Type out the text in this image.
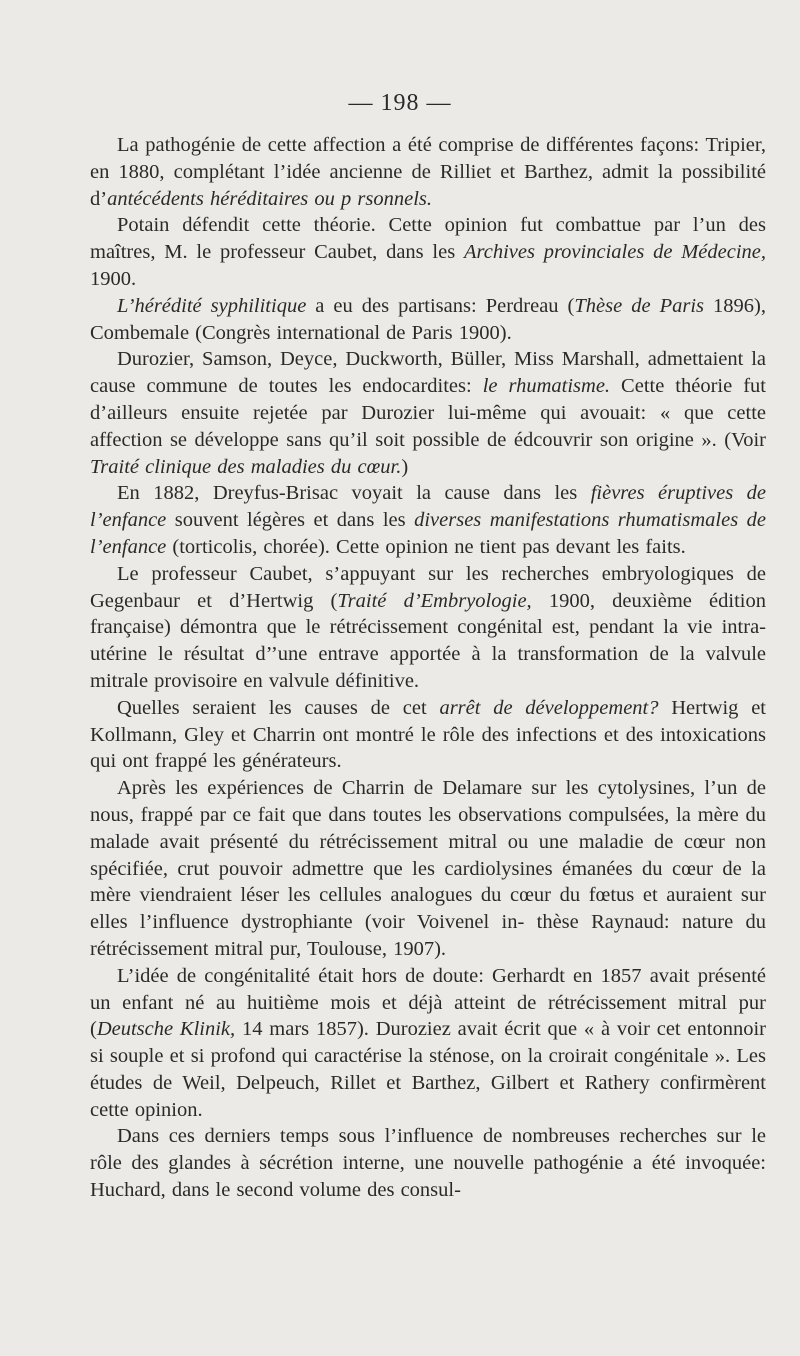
— 198 —

La pathogénie de cette affection a été comprise de différentes façons: Tripier, en 1880, complétant l’idée ancienne de Rilliet et Barthez, admit la possibilité d’antécédents héréditaires ou p rsonnels.

Potain défendit cette théorie. Cette opinion fut combattue par l’un des maîtres, M. le professeur Caubet, dans les Archives provinciales de Médecine, 1900.

L’hérédité syphilitique a eu des partisans: Perdreau (Thèse de Paris 1896), Combemale (Congrès international de Paris 1900).

Durozier, Samson, Deyce, Duckworth, Büller, Miss Marshall, admettaient la cause commune de toutes les endocardites: le rhumatisme. Cette théorie fut d’ailleurs ensuite rejetée par Durozier lui-même qui avouait: « que cette affection se développe sans qu’il soit possible de édcouvrir son origine ». (Voir Traité clinique des maladies du cœur.)

En 1882, Dreyfus-Brisac voyait la cause dans les fièvres éruptives de l’enfance souvent légères et dans les diverses manifestations rhumatismales de l’enfance (torticolis, chorée). Cette opinion ne tient pas devant les faits.

Le professeur Caubet, s’appuyant sur les recherches embryologiques de Gegenbaur et d’Hertwig (Traité d’Embryologie, 1900, deuxième édition française) démontra que le rétrécissement congénital est, pendant la vie intra-utérine le résultat d’’une entrave apportée à la transformation de la valvule mitrale provisoire en valvule définitive.

Quelles seraient les causes de cet arrêt de développement? Hertwig et Kollmann, Gley et Charrin ont montré le rôle des infections et des intoxications qui ont frappé les générateurs.

Après les expériences de Charrin de Delamare sur les cytolysines, l’un de nous, frappé par ce fait que dans toutes les observations compulsées, la mère du malade avait présenté du rétrécissement mitral ou une maladie de cœur non spécifiée, crut pouvoir admettre que les cardiolysines émanées du cœur de la mère viendraient léser les cellules analogues du cœur du fœtus et auraient sur elles l’influence dystrophiante (voir Voivenel in- thèse Raynaud: nature du rétrécissement mitral pur, Toulouse, 1907).

L’idée de congénitalité était hors de doute: Gerhardt en 1857 avait présenté un enfant né au huitième mois et déjà atteint de rétrécissement mitral pur (Deutsche Klinik, 14 mars 1857). Duroziez avait écrit que « à voir cet entonnoir si souple et si profond qui caractérise la sténose, on la croirait congénitale ». Les études de Weil, Delpeuch, Rillet et Barthez, Gilbert et Rathery confirmèrent cette opinion.

Dans ces derniers temps sous l’influence de nombreuses recherches sur le rôle des glandes à sécrétion interne, une nouvelle pathogénie a été invoquée: Huchard, dans le second volume des consul-
